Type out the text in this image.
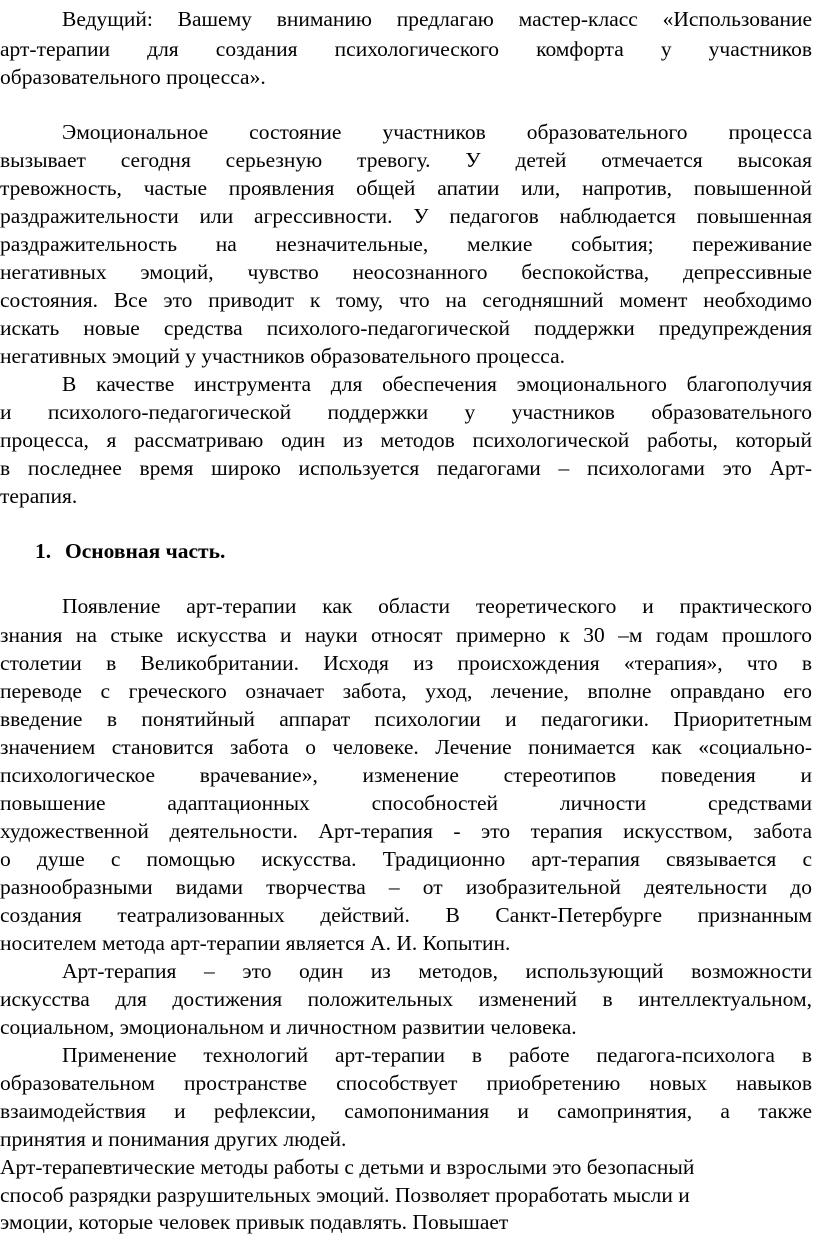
Ведущий: Вашему вниманию предлагаю мастер-класс «Использование
арт-терапии для создания психологического комфорта у участников
образовательного процесса».
Эмоциональное состояние участников образовательного процесса
вызывает сегодня серьезную тревогу. У детей отмечается высокая
тревожность, частые проявления общей апатии или, напротив, повышенной
раздражительности или агрессивности. У педагогов наблюдается повышенная
раздражительность на незначительные, мелкие события; переживание
негативных эмоций, чувство неосознанного беспокойства, депрессивные
состояния. Все это приводит к тому, что на сегодняшний момент необходимо
искать новые средства психолого-педагогической поддержки предупреждения
негативных эмоций у участников образовательного процесса.
В качестве инструмента для обеспечения эмоционального благополучия
и психолого-педагогической поддержки у участников образовательного
процесса, я рассматриваю один из методов психологической работы, который
в последнее время широко используется педагогами – психологами это Арт-
терапия.
1. Основная часть.
Появление арт-терапии как области теоретического и практического
знания на стыке искусства и науки относят примерно к 30 –м годам прошлого
столетии в Великобритании. Исходя из происхождения «терапия», что в
переводе с греческого означает забота, уход, лечение, вполне оправдано его
введение в понятийный аппарат психологии и педагогики. Приоритетным
значением становится забота о человеке. Лечение понимается как «социально-
психологическое врачевание», изменение стереотипов поведения и
повышение адаптационных способностей личности средствами
художественной деятельности. Арт-терапия - это терапия искусством, забота
о душе с помощью искусства. Традиционно арт-терапия связывается с
разнообразными видами творчества – от изобразительной деятельности до
создания театрализованных действий. В Санкт-Петербурге признанным
носителем метода арт-терапии является А. И. Копытин.
Арт-терапия – это один из методов, использующий возможности
искусства для достижения положительных изменений в интеллектуальном,
социальном, эмоциональном и личностном развитии человека.
Применение технологий арт-терапии в работе педагога-психолога в
образовательном пространстве способствует приобретению новых навыков
взаимодействия и рефлексии, самопонимания и самопринятия, а также
принятия и понимания других людей.
Арт-терапевтические методы работы с детьми и взрослыми это безопасный
способ разрядки разрушительных эмоций. Позволяет проработать мысли и
эмоции, которые человек привык подавлять. Повышает
